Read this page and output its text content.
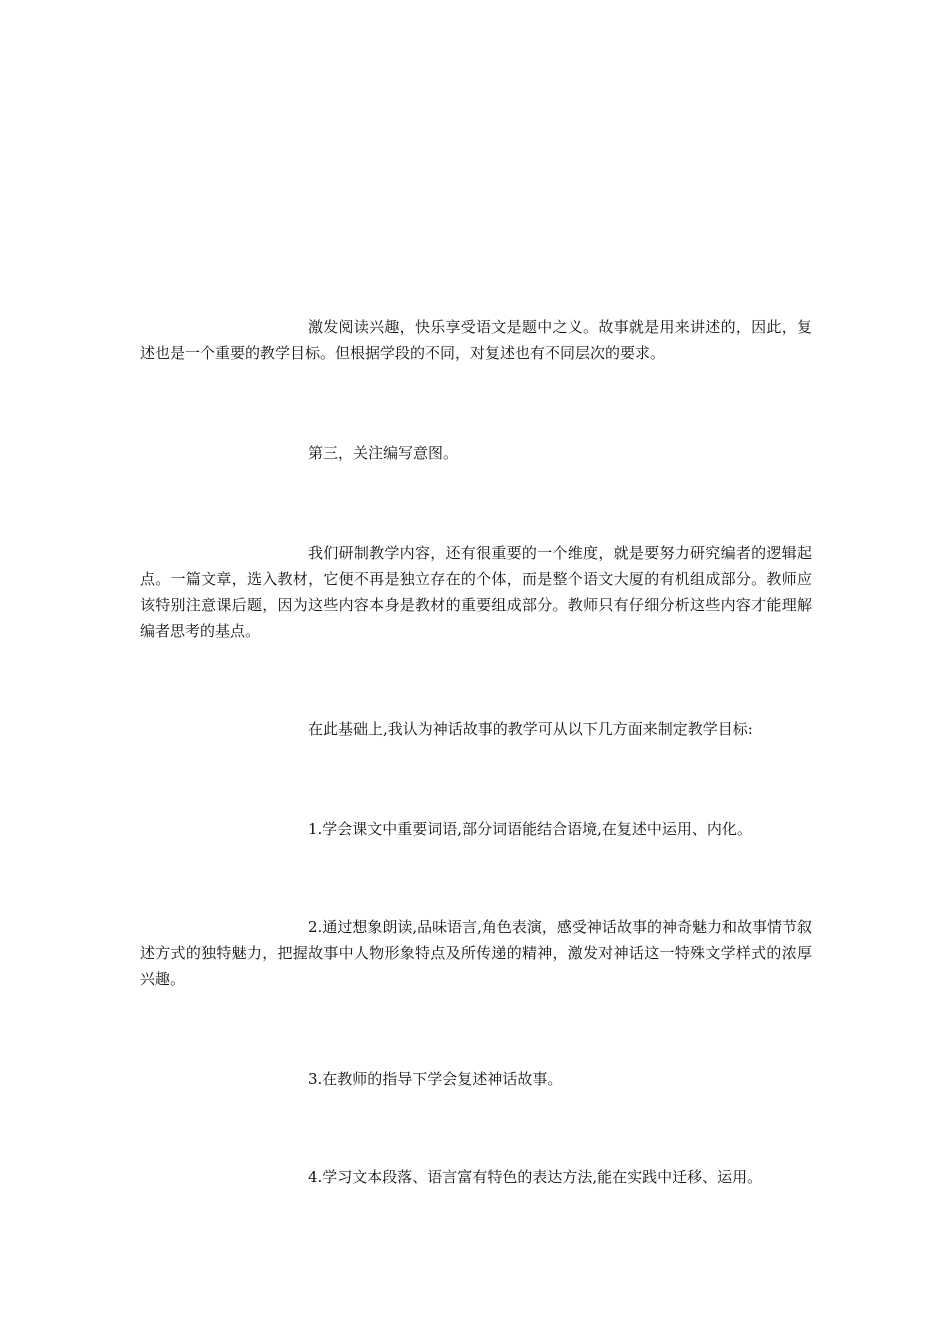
激发阅读兴趣，快乐享受语文是题中之义。故事就是用来讲述的，因此，复述也是一个重要的教学目标。但根据学段的不同，对复述也有不同层次的要求。

第三，关注编写意图。

我们研制教学内容，还有很重要的一个维度，就是要努力研究编者的逻辑起点。一篇文章，选入教材，它便不再是独立存在的个体，而是整个语文大厦的有机组成部分。教师应该特别注意课后题，因为这些内容本身是教材的重要组成部分。教师只有仔细分析这些内容才能理解编者思考的基点。

在此基础上,我认为神话故事的教学可从以下几方面来制定教学目标:

1.学会课文中重要词语,部分词语能结合语境,在复述中运用、内化。

2.通过想象朗读,品味语言,角色表演，感受神话故事的神奇魅力和故事情节叙述方式的独特魅力，把握故事中人物形象特点及所传递的精神，激发对神话这一特殊文学样式的浓厚兴趣。

3.在教师的指导下学会复述神话故事。

4.学习文本段落、语言富有特色的表达方法,能在实践中迁移、运用。
